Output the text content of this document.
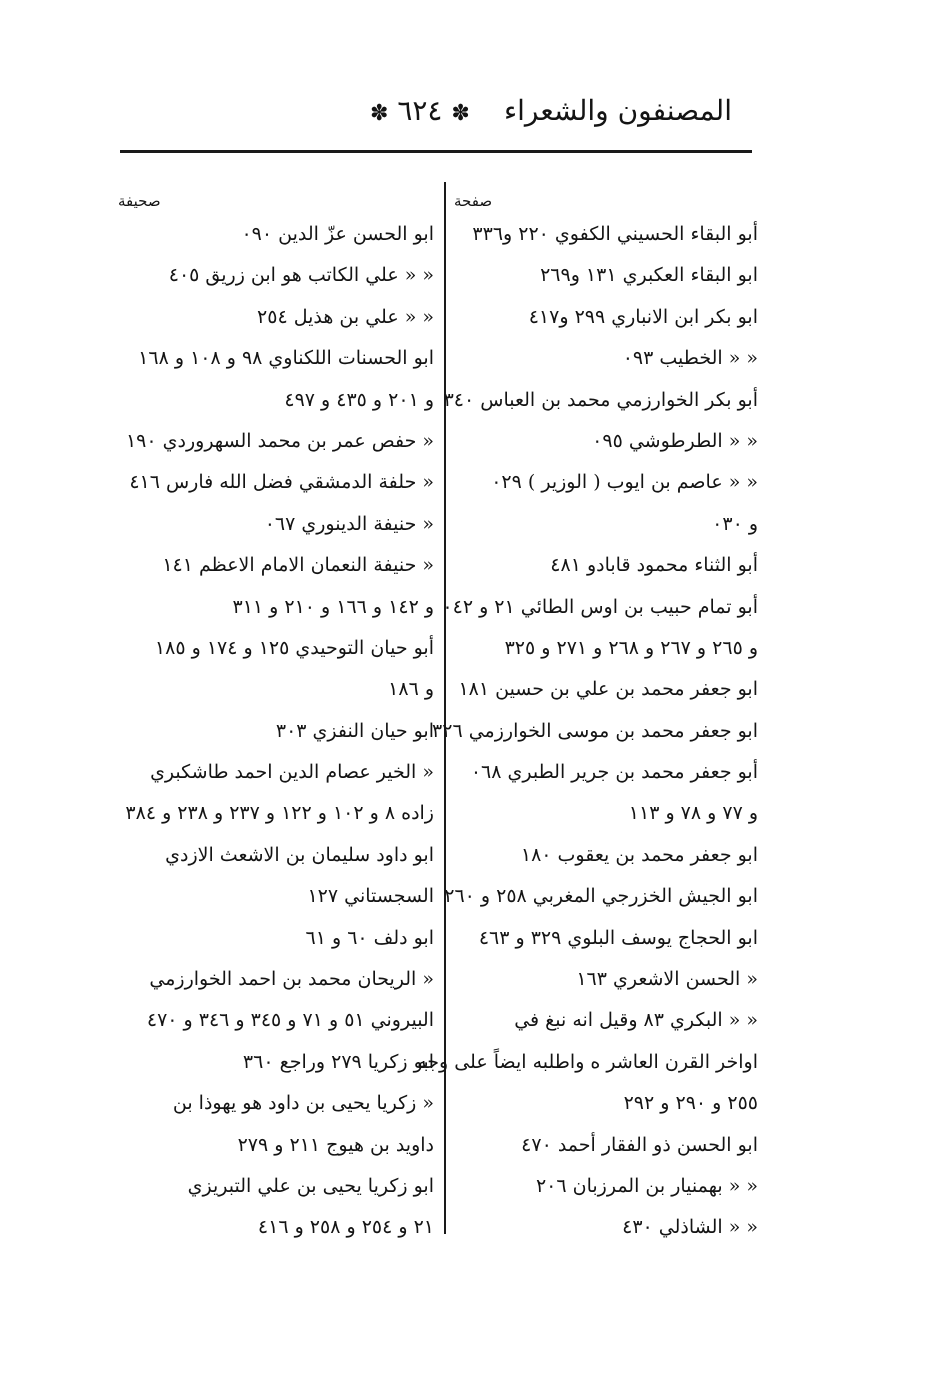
المصنفون والشعراء
✽ ٦٢٤ ✽
صفحة
أبو البقاء الحسيني الكفوي ٢٢٠ و٣٣٦
ابو البقاء العكبري ١٣١ و٢٦٩
ابو بكر ابن الانباري ٢٩٩ و٤١٧
« « الخطيب ٠٩٣
أبو بكر الخوارزمي محمد بن العباس ٣٤٠
« « الطرطوشي ٠٩٥
« « عاصم بن ايوب ( الوزير ) ٠٢٩
و ٠٣٠
أبو الثناء محمود قابادو ٤٨١
أبو تمام حبيب بن اوس الطائي ٢١ و ٠٤٢
و ٢٦٥ و ٢٦٧ و ٢٦٨ و ٢٧١ و ٣٢٥
ابو جعفر محمد بن علي بن حسين ١٨١
ابو جعفر محمد بن موسى الخوارزمي ٣٢٦
أبو جعفر محمد بن جرير الطبري ٠٦٨
و ٧٧ و ٧٨ و ١١٣
ابو جعفر محمد بن يعقوب ١٨٠
ابو الجيش الخزرجي المغربي ٢٥٨ و ٢٦٠
ابو الحجاج يوسف البلوي ٣٢٩ و ٤٦٣
« الحسن الاشعري ١٦٣
« « البكري ٨٣ وقيل انه نبغ في
اواخر القرن العاشر ه واطلبه ايضاً على وجه
٢٥٥ و ٢٩٠ و ٢٩٢
ابو الحسن ذو الفقار أحمد ٤٧٠
« « بهمنيار بن المرزبان ٢٠٦
« « الشاذلي ٤٣٠
صحيفة
ابو الحسن عزّ الدين ٠٩٠
« « علي الكاتب هو ابن زريق ٤٠٥
« « علي بن هذيل ٢٥٤
ابو الحسنات اللكناوي ٩٨ و ١٠٨ و ١٦٨
و ٢٠١ و ٤٣٥ و ٤٩٧
« حفص عمر بن محمد السهروردي ١٩٠
« حلفة الدمشقي فضل الله فارس ٤١٦
« حنيفة الدينوري ٠٦٧
« حنيفة النعمان الامام الاعظم ١٤١
و ١٤٢ و ١٦٦ و ٢١٠ و ٣١١
أبو حيان التوحيدي ١٢٥ و ١٧٤ و ١٨٥
و ١٨٦
ابو حيان النفزي ٣٠٣
« الخير عصام الدين احمد طاشكبري
زاده ٨ و ١٠٢ و ١٢٢ و ٢٣٧ و ٢٣٨ و ٣٨٤
ابو داود سليمان بن الاشعث الازدي
السجستاني ١٢٧
ابو دلف ٦٠ و ٦١
« الريحان محمد بن احمد الخوارزمي
البيروني ٥١ و ٧١ و ٣٤٥ و ٣٤٦ و ٤٧٠
ابو زكريا ٢٧٩ وراجع ٣٦٠
« زكريا يحيى بن داود هو يهوذا بن
داويد بن هيوج ٢١١ و ٢٧٩
ابو زكريا يحيى بن علي التبريزي
٢١ و ٢٥٤ و ٢٥٨ و ٤١٦
